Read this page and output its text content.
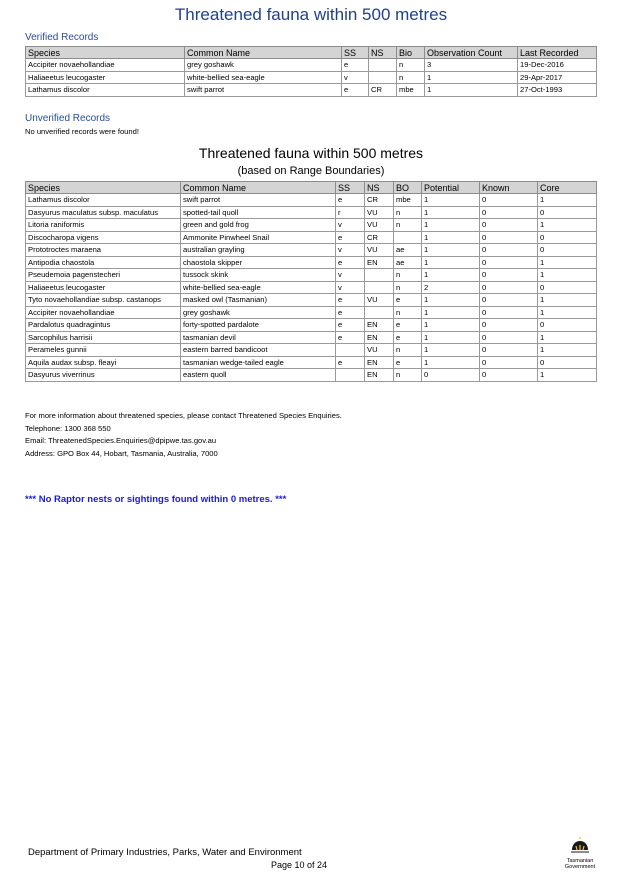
Threatened fauna within 500 metres
Verified Records
Species	Common Name	SS	NS	Bio	Observation Count	Last Recorded
Accipiter novaehollandiae	grey goshawk	e		n	3	19-Dec-2016
Haliaeetus leucogaster	white-bellied sea-eagle	v		n	1	29-Apr-2017
Lathamus discolor	swift parrot	e	CR	mbe	1	27-Oct-1993
Unverified Records
No unverified records were found!
Threatened fauna within 500 metres
(based on Range Boundaries)
Species	Common Name	SS	NS	BO	Potential	Known	Core
Lathamus discolor	swift parrot	e	CR	mbe	1	0	1
Dasyurus maculatus subsp. maculatus	spotted-tail quoll	r	VU	n	1	0	0
Litoria raniformis	green and gold frog	v	VU	n	1	0	1
Discocharopa vigens	Ammonite Pinwheel Snail	e	CR		1	0	0
Prototroctes maraena	australian grayling	v	VU	ae	1	0	0
Antipodia chaostola	chaostola skipper	e	EN	ae	1	0	1
Pseudemoia pagenstecheri	tussock skink	v		n	1	0	1
Haliaeetus leucogaster	white-bellied sea-eagle	v		n	2	0	0
Tyto novaehollandiae subsp. castanops	masked owl (Tasmanian)	e	VU	e	1	0	1
Accipiter novaehollandiae	grey goshawk	e		n	1	0	1
Pardalotus quadragintus	forty-spotted pardalote	e	EN	e	1	0	0
Sarcophilus harrisii	tasmanian devil	e	EN	e	1	0	1
Perameles gunnii	eastern barred bandicoot		VU	n	1	0	1
Aquila audax subsp. fleayi	tasmanian wedge-tailed eagle	e	EN	e	1	0	0
Dasyurus viverrinus	eastern quoll		EN	n	0	0	1
For more information about threatened species, please contact Threatened Species Enquiries.
Telephone: 1300 368 550
Email: ThreatenedSpecies.Enquiries@dpipwe.tas.gov.au
Address: GPO Box 44, Hobart, Tasmania, Australia, 7000
*** No Raptor nests or sightings found within 0 metres. ***
Department of Primary Industries, Parks, Water and Environment
Page 10 of 24	Tasmanian
Government
